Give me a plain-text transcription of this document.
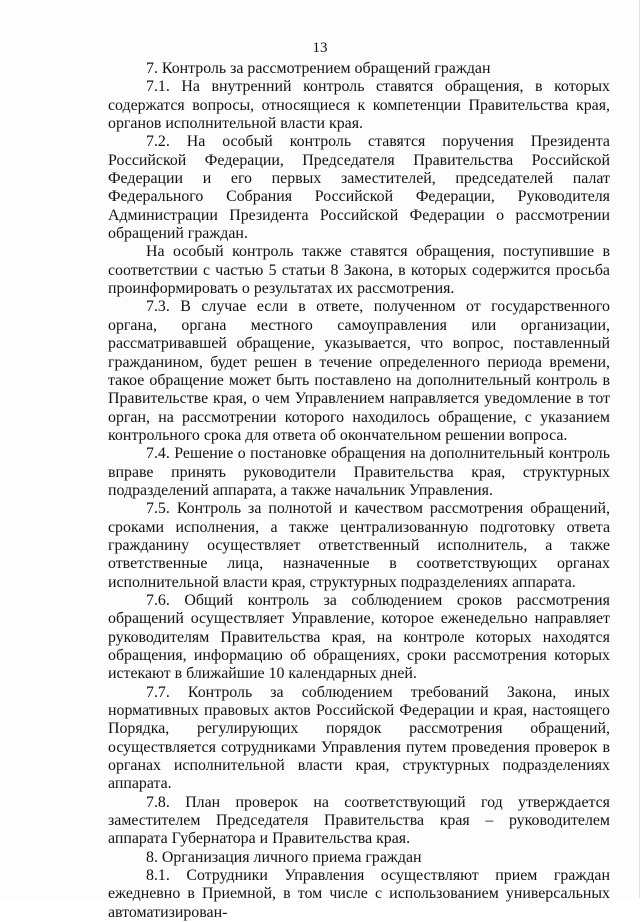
13

7. Контроль за рассмотрением обращений граждан

7.1. На внутренний контроль ставятся обращения, в которых содержатся вопросы, относящиеся к компетенции Правительства края, органов исполнительной власти края.

7.2. На особый контроль ставятся поручения Президента Российской Федерации, Председателя Правительства Российской Федерации и его первых заместителей, председателей палат Федерального Собрания Российской Федерации, Руководителя Администрации Президента Российской Федерации о рассмотрении обращений граждан.

На особый контроль также ставятся обращения, поступившие в соответствии с частью 5 статьи 8 Закона, в которых содержится просьба проинформировать о результатах их рассмотрения.

7.3. В случае если в ответе, полученном от государственного органа, органа местного самоуправления или организации, рассматривавшей обращение, указывается, что вопрос, поставленный гражданином, будет решен в течение определенного периода времени, такое обращение может быть поставлено на дополнительный контроль в Правительстве края, о чем Управлением направляется уведомление в тот орган, на рассмотрении которого находилось обращение, с указанием контрольного срока для ответа об окончательном решении вопроса.

7.4. Решение о постановке обращения на дополнительный контроль вправе принять руководители Правительства края, структурных подразделений аппарата, а также начальник Управления.

7.5. Контроль за полнотой и качеством рассмотрения обращений, сроками исполнения, а также централизованную подготовку ответа гражданину осуществляет ответственный исполнитель, а также ответственные лица, назначенные в соответствующих органах исполнительной власти края, структурных подразделениях аппарата.

7.6. Общий контроль за соблюдением сроков рассмотрения обращений осуществляет Управление, которое еженедельно направляет руководителям Правительства края, на контроле которых находятся обращения, информацию об обращениях, сроки рассмотрения которых истекают в ближайшие 10 календарных дней.

7.7. Контроль за соблюдением требований Закона, иных нормативных правовых актов Российской Федерации и края, настоящего Порядка, регулирующих порядок рассмотрения обращений, осуществляется сотрудниками Управления путем проведения проверок в органах исполнительной власти края, структурных подразделениях аппарата.

7.8. План проверок на соответствующий год утверждается заместителем Председателя Правительства края – руководителем аппарата Губернатора и Правительства края.

8. Организация личного приема граждан

8.1. Сотрудники Управления осуществляют прием граждан ежедневно в Приемной, в том числе с использованием универсальных автоматизирован-
